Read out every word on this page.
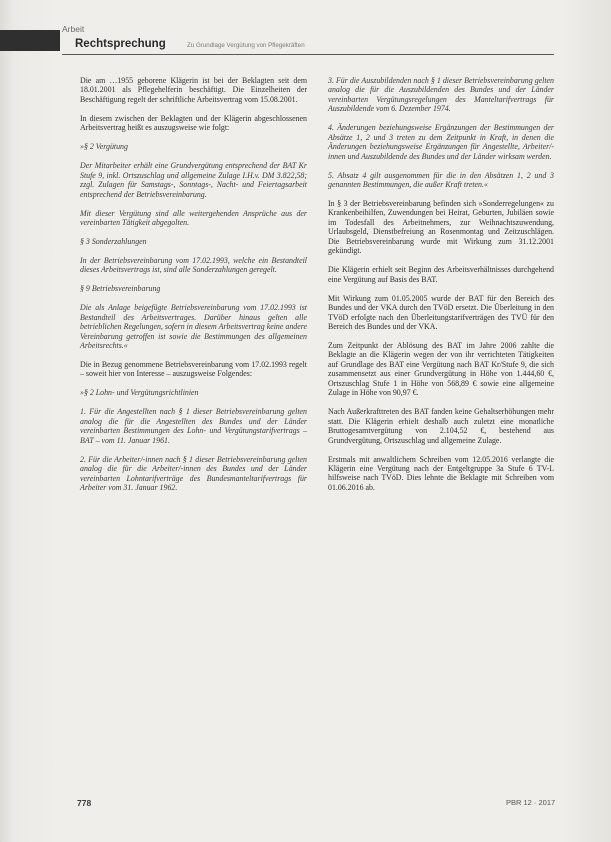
Arbeit
Rechtsprechung	Zu Grundlage Vergütung von Pflegekräften

Die am …1955 geborene Klägerin ist bei der Beklagten seit dem 18.01.2001 als Pflegehelferin beschäftigt. Die Einzelheiten der Beschäftigung regelt der schriftliche Arbeitsvertrag vom 15.08.2001.

In diesem zwischen der Beklagten und der Klägerin abgeschlossenen Arbeitsvertrag heißt es auszugsweise wie folgt:

»§ 2 Vergütung

Der Mitarbeiter erhält eine Grundvergütung entsprechend der BAT Kr Stufe 9, inkl. Ortszuschlag und allgemeine Zulage I.H.v. DM 3.822,58; zzgl. Zulagen für Samstags-, Sonntags-, Nacht- und Feiertagsarbeit entsprechend der Betriebsvereinbarung.

Mit dieser Vergütung sind alle weitergehenden Ansprüche aus der vereinbarten Tätigkeit abgegolten.

§ 3 Sonderzahlungen

In der Betriebsvereinbarung vom 17.02.1993, welche ein Bestandteil dieses Arbeitsvertrags ist, sind alle Sonderzahlungen geregelt.

§ 9 Betriebsvereinbarung

Die als Anlage beigefügte Betriebsvereinbarung vom 17.02.1993 ist Bestandteil des Arbeitsvertrages. Darüber hinaus gelten alle betrieblichen Regelungen, sofern in diesem Arbeitsvertrag keine andere Vereinbarung getroffen ist sowie die Bestimmungen des allgemeinen Arbeitsrechts.«

Die in Bezug genommene Betriebsvereinbarung vom 17.02.1993 regelt – soweit hier von Interesse – auszugsweise Folgendes:

»§ 2 Lohn- und Vergütungsrichtlinien

1. Für die Angestellten nach § 1 dieser Betriebsvereinbarung gelten analog die für die Angestellten des Bundes und der Länder vereinbarten Bestimmungen des Lohn- und Vergütungstarifvertrags – BAT – vom 11. Januar 1961.

2. Für die Arbeiter/-innen nach § 1 dieser Betriebsvereinbarung gelten analog die für die Arbeiter/-innen des Bundes und der Länder vereinbarten Lohntarifverträge des Bundesmanteltarifvertrags für Arbeiter vom 31. Januar 1962.

3. Für die Auszubildenden nach § 1 dieser Betriebsvereinbarung gelten analog die für die Auszubildenden des Bundes und der Länder vereinbarten Vergütungsregelungen des Manteltarifvertrags für Auszubildende vom 6. Dezember 1974.

4. Änderungen beziehungsweise Ergänzungen der Bestimmungen der Absätze 1, 2 und 3 treten zu dem Zeitpunkt in Kraft, in denen die Änderungen beziehungsweise Ergänzungen für Angestellte, Arbeiter/-innen und Auszubildende des Bundes und der Länder wirksam werden.

5. Absatz 4 gilt ausgenommen für die in den Absätzen 1, 2 und 3 genannten Bestimmungen, die außer Kraft treten.«

In § 3 der Betriebsvereinbarung befinden sich »Sonderregelungen« zu Krankenbeihilfen, Zuwendungen bei Heirat, Geburten, Jubiläen sowie im Todesfall des Arbeitnehmers, zur Weihnachtszuwendung, Urlaubsgeld, Dienstbefreiung an Rosenmontag und Zeitzuschlägen. Die Betriebsvereinbarung wurde mit Wirkung zum 31.12.2001 gekündigt.

Die Klägerin erhielt seit Beginn des Arbeitsverhältnisses durchgehend eine Vergütung auf Basis des BAT.

Mit Wirkung zum 01.05.2005 wurde der BAT für den Bereich des Bundes und der VKA durch den TVöD ersetzt. Die Überleitung in den TVöD erfolgte nach den Überleitungstarifverträgen des TVÜ für den Bereich des Bundes und der VKA.

Zum Zeitpunkt der Ablösung des BAT im Jahre 2006 zahlte die Beklagte an die Klägerin wegen der von ihr verrichteten Tätigkeiten auf Grundlage des BAT eine Vergütung nach BAT Kr/Stufe 9, die sich zusammensetzt aus einer Grundvergütung in Höhe von 1.444,60 €, Ortszuschlag Stufe 1 in Höhe von 568,89 € sowie eine allgemeine Zulage in Höhe von 90,97 €.

Nach Außerkrafttreten des BAT fanden keine Gehaltserhöhungen mehr statt. Die Klägerin erhielt deshalb auch zuletzt eine monatliche Bruttogesamtvergütung von 2.104,52 €, bestehend aus Grundvergütung, Ortszuschlag und allgemeine Zulage.

Erstmals mit anwaltlichem Schreiben vom 12.05.2016 verlangte die Klägerin eine Vergütung nach der Entgeltgruppe 3a Stufe 6 TV-L hilfsweise nach TVöD. Dies lehnte die Beklagte mit Schreiben vom 01.06.2016 ab.

778	PBR 12 · 2017
